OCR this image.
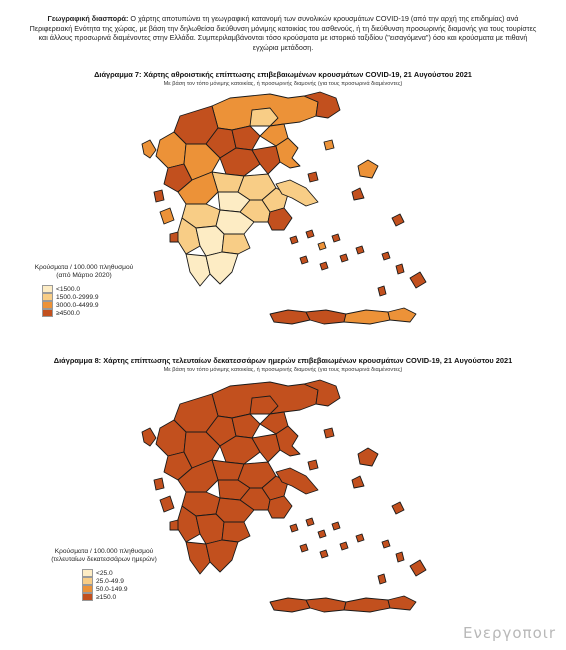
Γεωγραφική διασπορά: Ο χάρτης αποτυπώνει τη γεωγραφική κατανομή των συνολικών κρουσμάτων COVID-19 (από την αρχή της επιδημίας) ανά Περιφερειακή Ενότητα της χώρας, με βάση την δηλωθείσα διεύθυνση μόνιμης κατοικίας του ασθενούς, ή τη διεύθυνση προσωρινής διαμονής για τους τουρίστες και άλλους προσωρινά διαμένοντες στην Ελλάδα. Συμπεριλαμβάνονται τόσο κρούσματα με ιστορικό ταξιδίου ("εισαγόμενα") όσο και κρούσματα με πιθανή εγχώρια μετάδοση.
Διάγραμμα 7: Χάρτης αθροιστικής επίπτωσης επιβεβαιωμένων κρουσμάτων COVID-19, 21 Αυγούστου 2021
Με βάση τον τόπο μόνιμης κατοικίας, ή προσωρινής διαμονής (για τους προσωρινά διαμένοντες)
Κρούσματα / 100.000 πληθυσμού
(από Μάρτιο 2020)
<1500.0
1500.0-2999.9
3000.0-4499.9
≥4500.0
Διάγραμμα 8: Χάρτης επίπτωσης τελευταίων δεκατεσσάρων ημερών επιβεβαιωμένων κρουσμάτων COVID-19, 21 Αυγούστου 2021
Με βάση τον τόπο μόνιμης κατοικίας, ή προσωρινής διαμονής (για τους προσωρινά διαμένοντες)
Κρούσματα / 100.000 πληθυσμού
(τελευταίων δεκατεσσάρων ημερών)
<25.0
25.0-49.9
50.0-149.9
≥150.0
Ενεργοποιr
